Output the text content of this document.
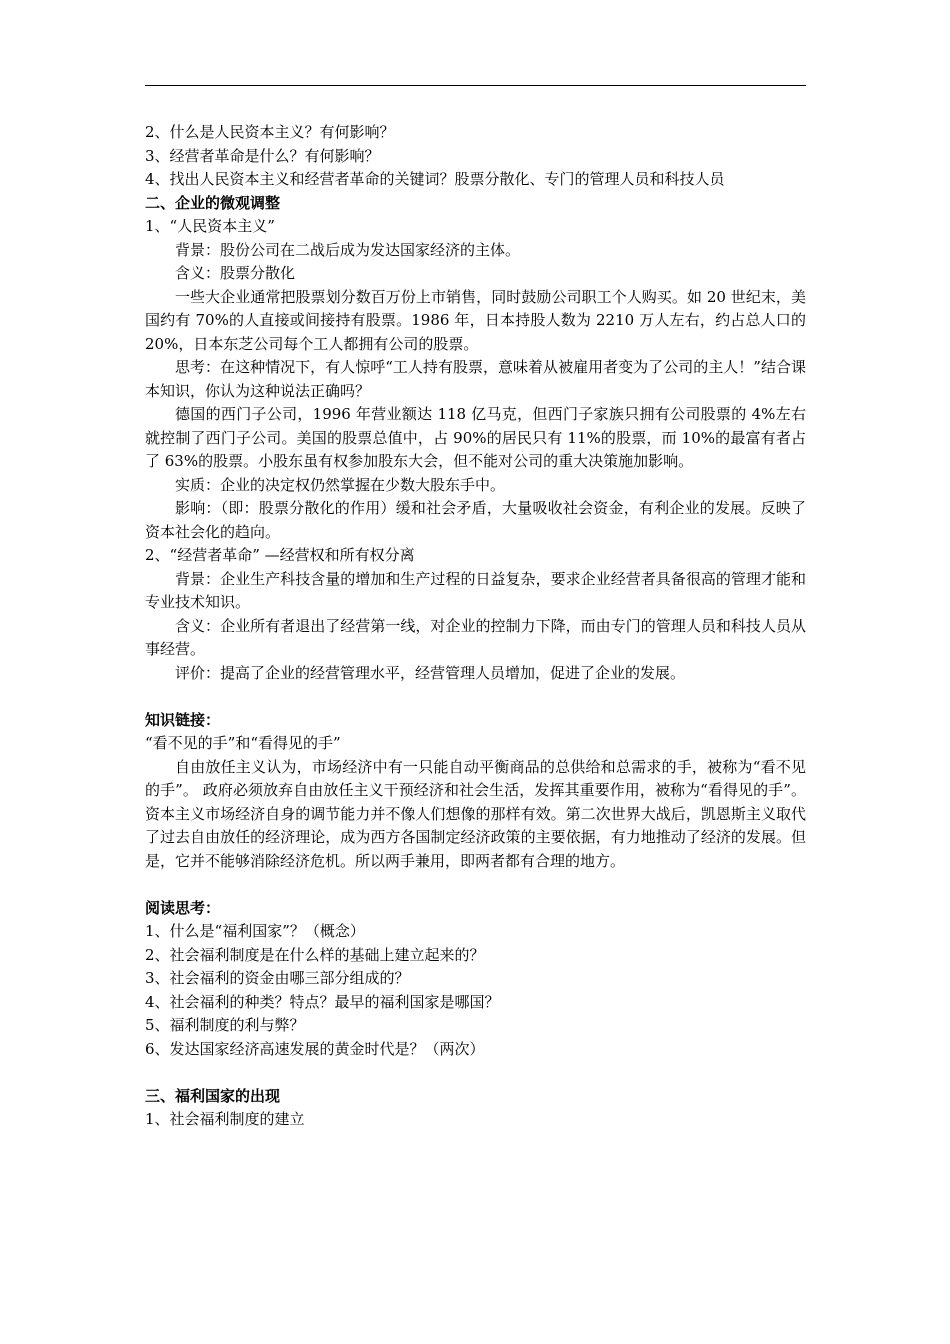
2、什么是人民资本主义？有何影响？

3、经营者革命是什么？有何影响？

4、找出人民资本主义和经营者革命的关键词？股票分散化、专门的管理人员和科技人员

二、企业的微观调整

1、“人民资本主义”

背景：股份公司在二战后成为发达国家经济的主体。

含义：股票分散化

一些大企业通常把股票划分数百万份上市销售，同时鼓励公司职工个人购买。如 20 世纪末，美国约有 70%的人直接或间接持有股票。1986 年，日本持股人数为 2210 万人左右，约占总人口的 20%，日本东芝公司每个工人都拥有公司的股票。

思考：在这种情况下，有人惊呼“工人持有股票，意味着从被雇用者变为了公司的主人！”结合课本知识，你认为这种说法正确吗？

德国的西门子公司，1996 年营业额达 118 亿马克，但西门子家族只拥有公司股票的 4%左右就控制了西门子公司。美国的股票总值中，占 90%的居民只有 11%的股票，而 10%的最富有者占了 63%的股票。小股东虽有权参加股东大会，但不能对公司的重大决策施加影响。

实质：企业的决定权仍然掌握在少数大股东手中。

影响：（即：股票分散化的作用）缓和社会矛盾，大量吸收社会资金，有利企业的发展。反映了资本社会化的趋向。

2、“经营者革命” —经营权和所有权分离

背景：企业生产科技含量的增加和生产过程的日益复杂，要求企业经营者具备很高的管理才能和专业技术知识。

含义：企业所有者退出了经营第一线，对企业的控制力下降，而由专门的管理人员和科技人员从事经营。

评价：提高了企业的经营管理水平，经营管理人员增加，促进了企业的发展。

知识链接：

“看不见的手”和“看得见的手”

自由放任主义认为，市场经济中有一只能自动平衡商品的总供给和总需求的手，被称为“看不见的手”。 政府必须放弃自由放任主义干预经济和社会生活，发挥其重要作用，被称为“看得见的手”。 资本主义市场经济自身的调节能力并不像人们想像的那样有效。第二次世界大战后，凯恩斯主义取代了过去自由放任的经济理论，成为西方各国制定经济政策的主要依据，有力地推动了经济的发展。但是，它并不能够消除经济危机。所以两手兼用，即两者都有合理的地方。

阅读思考：

1、什么是“福利国家”？（概念）

2、社会福利制度是在什么样的基础上建立起来的？

3、社会福利的资金由哪三部分组成的？

4、社会福利的种类？特点？最早的福利国家是哪国？

5、福利制度的利与弊？

6、发达国家经济高速发展的黄金时代是？（两次）

三、福利国家的出现

1、社会福利制度的建立
